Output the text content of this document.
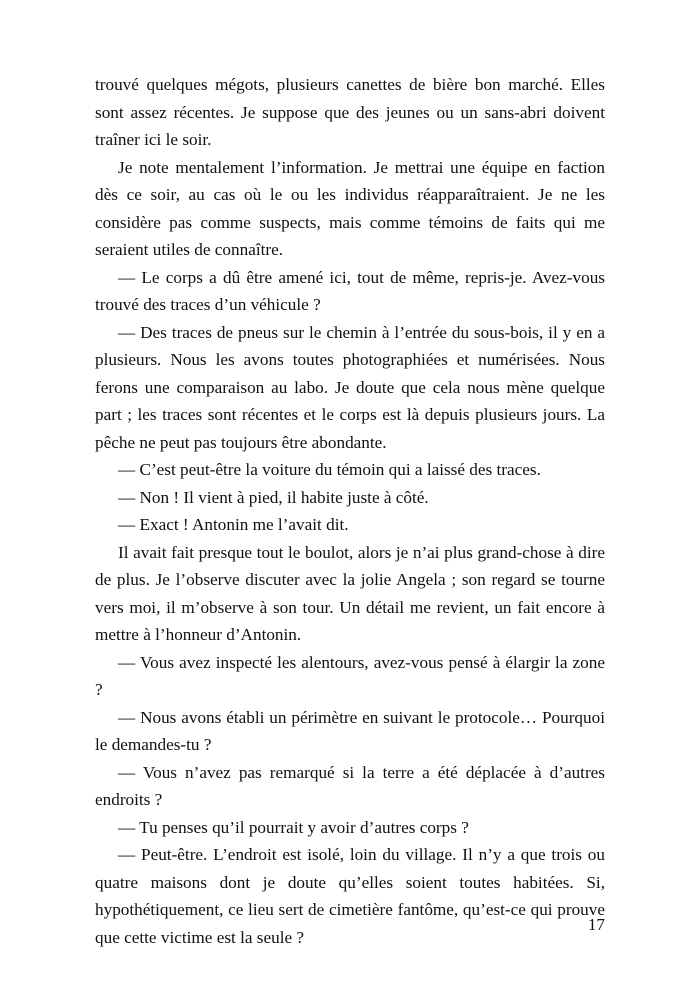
trouvé quelques mégots, plusieurs canettes de bière bon marché. Elles sont assez récentes. Je suppose que des jeunes ou un sans-abri doivent traîner ici le soir.

Je note mentalement l’information. Je mettrai une équipe en faction dès ce soir, au cas où le ou les individus réapparaîtraient. Je ne les considère pas comme suspects, mais comme témoins de faits qui me seraient utiles de connaître.

— Le corps a dû être amené ici, tout de même, repris-je. Avez-vous trouvé des traces d’un véhicule ?

— Des traces de pneus sur le chemin à l’entrée du sous-bois, il y en a plusieurs. Nous les avons toutes photographiées et numérisées. Nous ferons une comparaison au labo. Je doute que cela nous mène quelque part ; les traces sont récentes et le corps est là depuis plusieurs jours. La pêche ne peut pas toujours être abondante.

— C’est peut-être la voiture du témoin qui a laissé des traces.

— Non ! Il vient à pied, il habite juste à côté.

— Exact ! Antonin me l’avait dit.

Il avait fait presque tout le boulot, alors je n’ai plus grand-chose à dire de plus. Je l’observe discuter avec la jolie Angela ; son regard se tourne vers moi, il m’observe à son tour. Un détail me revient, un fait encore à mettre à l’honneur d’Antonin.

— Vous avez inspecté les alentours, avez-vous pensé à élargir la zone ?

— Nous avons établi un périmètre en suivant le protocole… Pourquoi le demandes-tu ?

— Vous n’avez pas remarqué si la terre a été déplacée à d’autres endroits ?

— Tu penses qu’il pourrait y avoir d’autres corps ?

— Peut-être. L’endroit est isolé, loin du village. Il n’y a que trois ou quatre maisons dont je doute qu’elles soient toutes habitées. Si, hypothétiquement, ce lieu sert de cimetière fantôme, qu’est-ce qui prouve que cette victime est la seule ?

17
